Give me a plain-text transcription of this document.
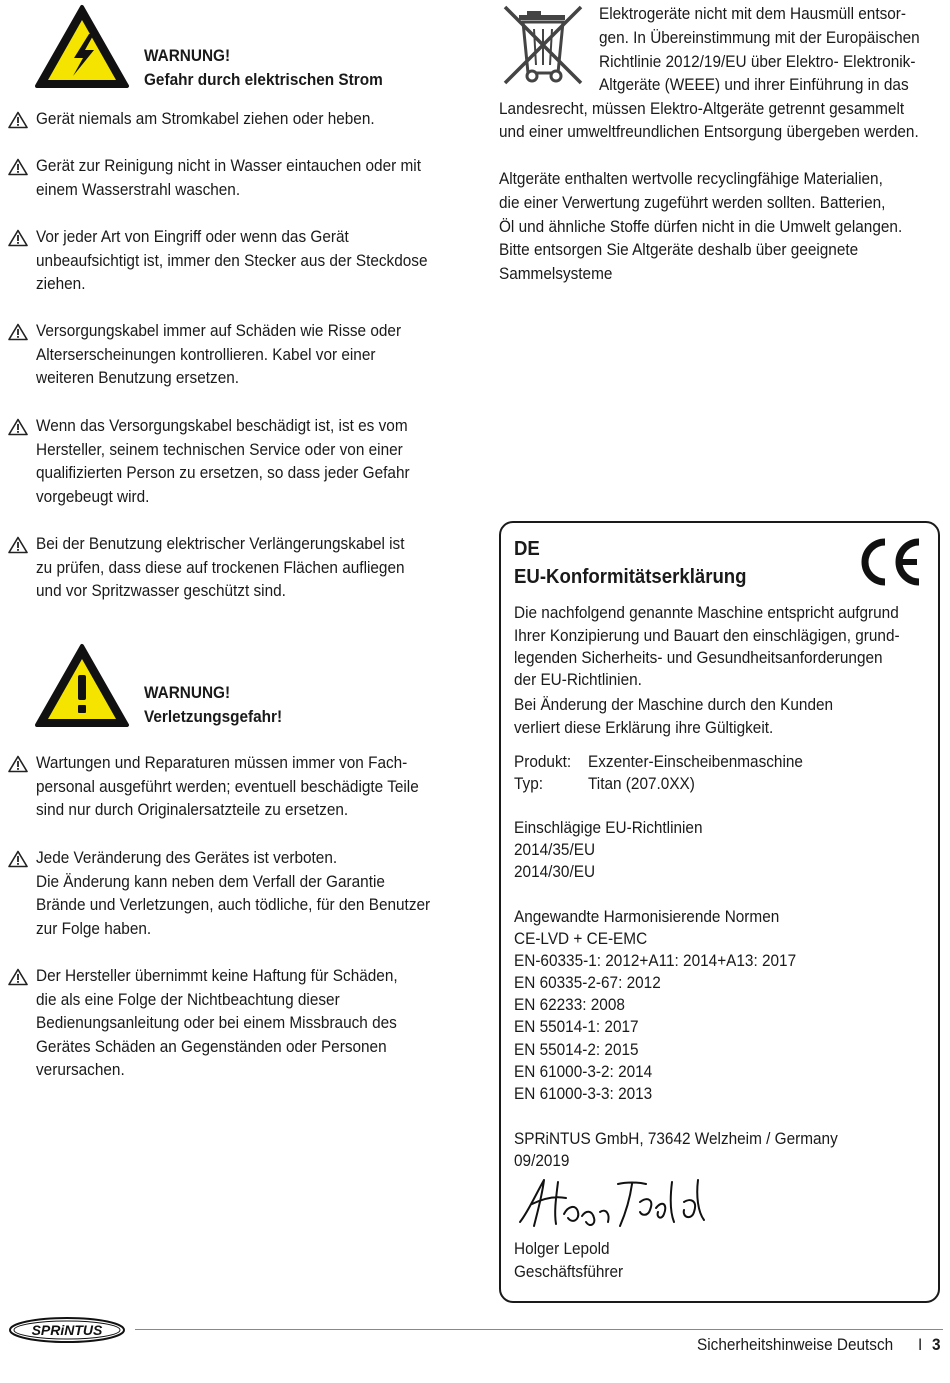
WARNUNG!
Gefahr durch elektrischen Strom
Gerät niemals am Stromkabel ziehen oder heben.
Gerät zur Reinigung nicht in Wasser eintauchen oder mit
einem Wasserstrahl waschen.
Vor jeder Art von Eingriff oder wenn das Gerät
unbeaufsichtigt ist, immer den Stecker aus der Steckdose
ziehen.
Versorgungskabel immer auf Schäden wie Risse oder
Alterserscheinungen kontrollieren. Kabel vor einer
weiteren Benutzung ersetzen.
Wenn das Versorgungskabel beschädigt ist, ist es vom
Hersteller, seinem technischen Service oder von einer
qualifizierten Person zu ersetzen, so dass jeder Gefahr
vorgebeugt wird.
Bei der Benutzung elektrischer Verlängerungskabel ist
zu prüfen, dass diese auf trockenen Flächen aufliegen
und vor Spritzwasser geschützt sind.
WARNUNG!
Verletzungsgefahr!
Wartungen und Reparaturen müssen immer von Fach-
personal ausgeführt werden; eventuell beschädigte Teile
sind nur durch Originalersatzteile zu ersetzen.
Jede Veränderung des Gerätes ist verboten.
Die Änderung kann neben dem Verfall der Garantie
Brände und Verletzungen, auch tödliche, für den Benutzer
zur Folge haben.
Der Hersteller übernimmt keine Haftung für Schäden,
die als eine Folge der Nichtbeachtung dieser
Bedienungsanleitung oder bei einem Missbrauch des
Gerätes Schäden an Gegenständen oder Personen
verursachen.
Elektrogeräte nicht mit dem Hausmüll entsor-
gen. In Übereinstimmung mit der Europäischen
Richtlinie 2012/19/EU über Elektro- Elektronik-
Altgeräte (WEEE) und ihrer Einführung in das
Landesrecht, müssen Elektro-Altgeräte getrennt gesammelt
und einer umweltfreundlichen Entsorgung übergeben werden.
Altgeräte enthalten wertvolle recyclingfähige Materialien,
die einer Verwertung zugeführt werden sollten. Batterien,
Öl und ähnliche Stoffe dürfen nicht in die Umwelt gelangen.
Bitte entsorgen Sie Altgeräte deshalb über geeignete
Sammelsysteme
DE
EU-Konformitätserklärung
Die nachfolgend genannte Maschine entspricht aufgrund
Ihrer Konzipierung und Bauart den einschlägigen, grund-
legenden Sicherheits- und Gesundheitsanforderungen
der EU-Richtlinien.
Bei Änderung der Maschine durch den Kunden
verliert diese Erklärung ihre Gültigkeit.
Produkt: Exzenter-Einscheibenmaschine
Typ:	Titan (207.0XX)
Einschlägige EU-Richtlinien
2014/35/EU
2014/30/EU
Angewandte Harmonisierende Normen
CE-LVD + CE-EMC
EN-60335-1: 2012+A11: 2014+A13: 2017
EN 60335-2-67: 2012
EN 62233: 2008
EN 55014-1: 2017
EN 55014-2: 2015
EN 61000-3-2: 2014
EN 61000-3-3: 2013
SPRiNTUS GmbH, 73642 Welzheim / Germany
09/2019
Holger Lepold
Geschäftsführer
SPRiNTUS
Sicherheitshinweise Deutsch I 3
